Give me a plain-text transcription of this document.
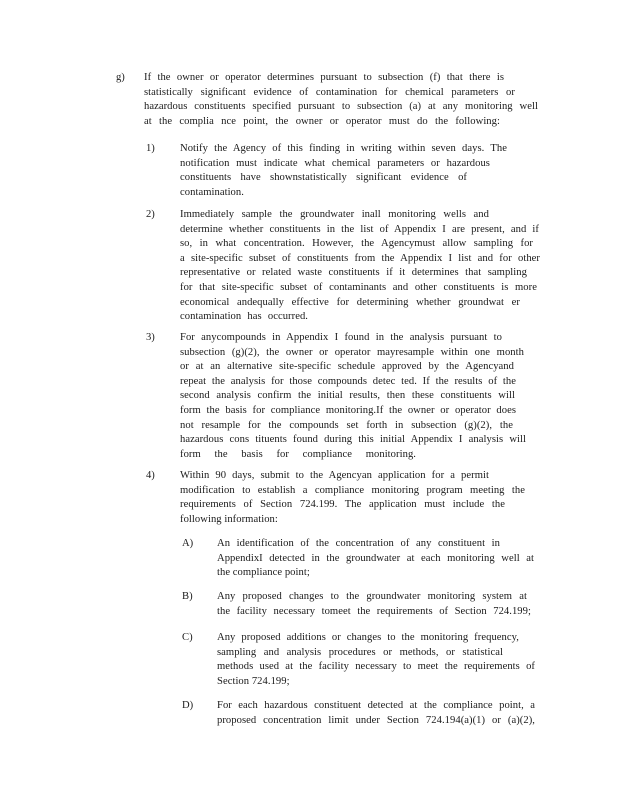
g) If the owner or operator determines pursuant to subsection (f) that there is
statistically significant evidence of contamination for chemical parameters or
hazardous constituents specified pursuant to subsection (a) at any monitoring well
at the complia nce point, the owner or operator must do the following:
1) Notify the Agency of this finding in writing within seven days. The
notification must indicate what chemical parameters or hazardous
constituents have shownstatistically significant evidence of
contamination.
2) Immediately sample the groundwater inall monitoring wells and
determine whether constituents in the list of Appendix I are present, and if
so, in what concentration. However, the Agencymust allow sampling for
a site-specific subset of constituents from the Appendix I list and for other
representative or related waste constituents if it determines that sampling
for that site-specific subset of contaminants and other constituents is more
economical andequally effective for determining whether groundwat er
contamination has occurred.
3) For anycompounds in Appendix I found in the analysis pursuant to
subsection (g)(2), the owner or operator mayresample within one month
or at an alternative site-specific schedule approved by the Agencyand
repeat the analysis for those compounds detec ted. If the results of the
second analysis confirm the initial results, then these constituents will
form the basis for compliance monitoring.If the owner or operator does
not resample for the compounds set forth in subsection (g)(2), the
hazardous cons tituents found during this initial Appendix I analysis will
form the basis for compliance monitoring.
4) Within 90 days, submit to the Agencyan application for a permit
modification to establish a compliance monitoring program meeting the
requirements of Section 724.199. The application must include the
following information:
A) An identification of the concentration of any constituent in
AppendixI detected in the groundwater at each monitoring well at
the compliance point;
B) Any proposed changes to the groundwater monitoring system at
the facility necessary tomeet the requirements of Section 724.199;
C) Any proposed additions or changes to the monitoring frequency,
sampling and analysis procedures or methods, or statistical
methods used at the facility necessary to meet the requirements of
Section 724.199;
D) For each hazardous constituent detected at the compliance point, a
proposed concentration limit under Section 724.194(a)(1) or (a)(2),
